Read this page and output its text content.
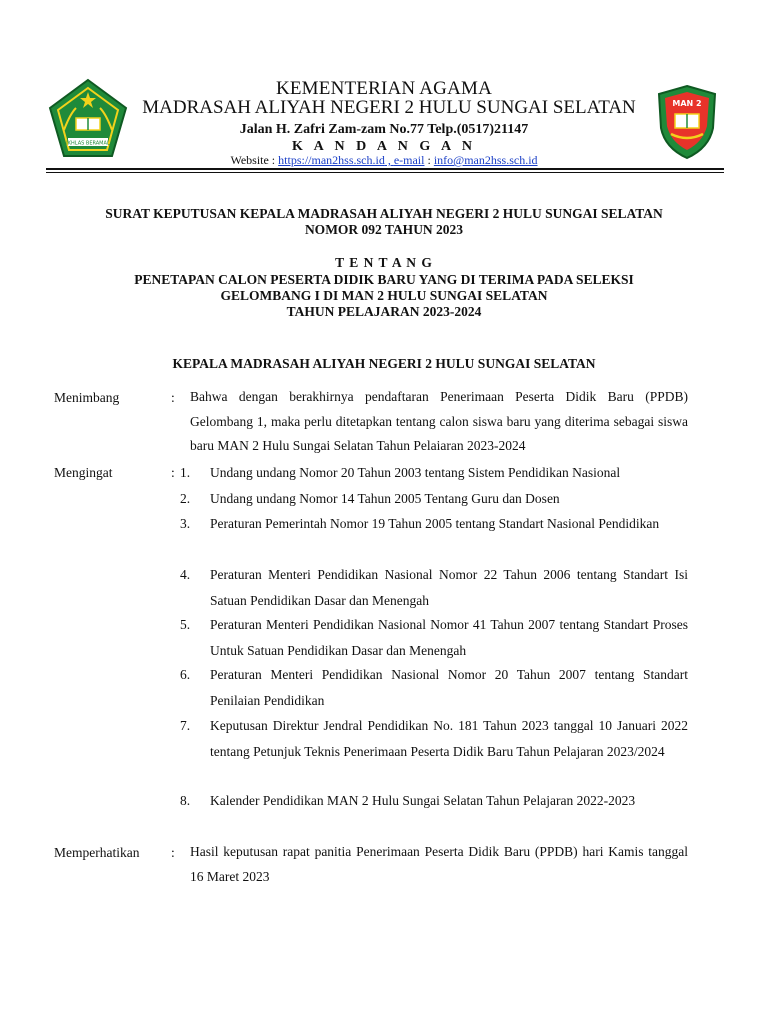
IKHLAS BERAMAL
MAN 2
KEMENTERIAN AGAMA
MADRASAH ALIYAH NEGERI 2 HULU SUNGAI SELATAN
Jalan H. Zafri Zam-zam No.77 Telp.(0517)21147
K A N D A N G A N
Website : https://man2hss.sch.id , e-mail : info@man2hss.sch.id
SURAT KEPUTUSAN KEPALA MADRASAH ALIYAH NEGERI 2 HULU SUNGAI SELATAN
NOMOR 092 TAHUN 2023
T E N T A N G
PENETAPAN CALON PESERTA DIDIK BARU YANG DI TERIMA PADA SELEKSI
GELOMBANG I DI MAN 2 HULU SUNGAI SELATAN
TAHUN PELAJARAN 2023-2024
KEPALA MADRASAH ALIYAH NEGERI 2 HULU SUNGAI SELATAN
Menimbang	: Bahwa dengan berakhirnya pendaftaran Penerimaan Peserta Didik Baru (PPDB) Gelombang 1, maka perlu ditetapkan tentang calon siswa baru yang diterima sebagai siswa baru MAN 2 Hulu Sungai Selatan Tahun Pelaiaran 2023-2024
Mengingat	: 1.	Undang undang Nomor 20 Tahun 2003 tentang Sistem Pendidikan Nasional
2.	Undang undang Nomor 14 Tahun 2005 Tentang Guru dan Dosen
3.	Peraturan Pemerintah Nomor 19 Tahun 2005 tentang Standart Nasional Pendidikan
4.	Peraturan Menteri Pendidikan Nasional Nomor 22 Tahun 2006 tentang Standart Isi Satuan Pendidikan Dasar dan Menengah
5.	Peraturan Menteri Pendidikan Nasional Nomor 41 Tahun 2007 tentang Standart Proses Untuk Satuan Pendidikan Dasar dan Menengah
6.	Peraturan Menteri Pendidikan Nasional Nomor 20 Tahun 2007 tentang Standart Penilaian Pendidikan
7.	Keputusan Direktur Jendral Pendidikan No. 181 Tahun 2023 tanggal 10 Januari 2022 tentang Petunjuk Teknis Penerimaan Peserta Didik Baru Tahun Pelajaran 2023/2024
8.	Kalender Pendidikan MAN 2 Hulu Sungai Selatan Tahun Pelajaran 2022-2023
Memperhatikan : Hasil keputusan rapat panitia Penerimaan Peserta Didik Baru (PPDB) hari Kamis tanggal 16 Maret 2023
